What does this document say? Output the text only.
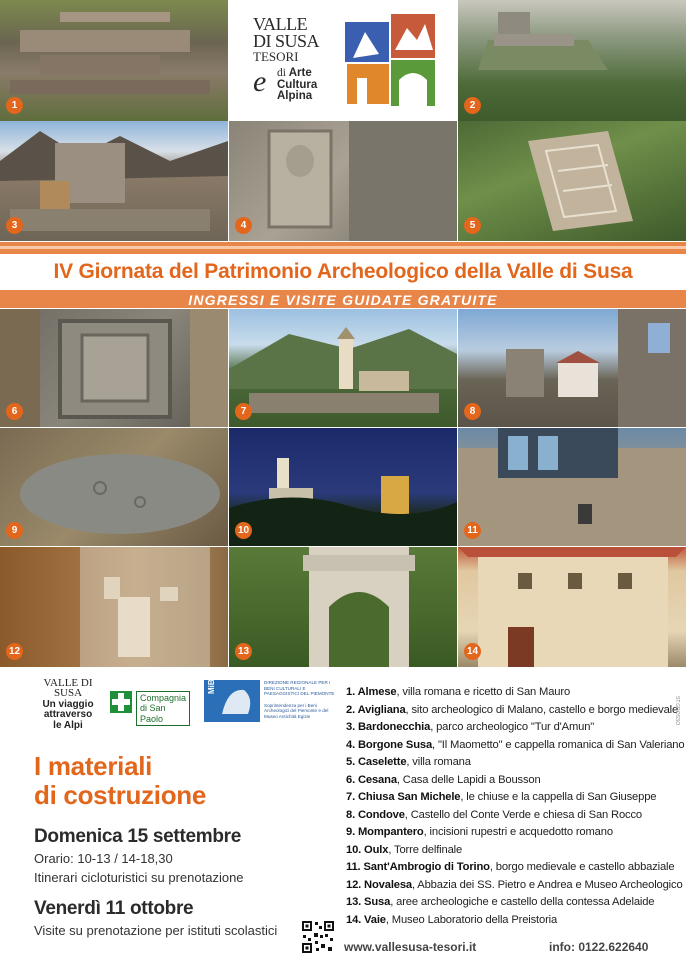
1
VALLE
DI SUSA
TESORI
e di Arte
Cultura
Alpina
2
3	4	5
IV Giornata del Patrimonio Archeologico della Valle di Susa
INGRESSI E VISITE GUIDATE GRATUITE
6	7	8
9	10	11
12	13	14
VALLE DI
SUSA
Un viaggio
attraverso
le Alpi
Compagnia
di San Paolo
MiBAC	DIREZIONE REGIONALE PER I BENI CULTURALI E PAESAGGISTICI DEL PIEMONTE
Soprintendenza per i Beni Archeologici del Piemonte e del Museo Antichità Egizie
I materiali
di costruzione
Domenica 15 settembre
Orario: 10-13 / 14-18,30
Itinerari cicloturistici su prenotazione
Venerdì 11 ottobre
Visite su prenotazione per istituti scolastici
1. Almese, villa romana e ricetto di San Mauro
2. Avigliana, sito archeologico di Malano, castello e borgo medievale
3. Bardonecchia, parco archeologico "Tur d'Amun"
4. Borgone Susa, "Il Maometto" e cappella romanica di San Valeriano
5. Caselette, villa romana
6. Cesana, Casa delle Lapidi a Bousson
7. Chiusa San Michele, le chiuse e la cappella di San Giuseppe
8. Condove, Castello del Conte Verde e chiesa di San Rocco
9. Mompantero, incisioni rupestri e acquedotto romano
10. Oulx, Torre delfinale
11. Sant'Ambrogio di Torino, borgo medievale e castello abbaziale
12. Novalesa, Abbazia dei SS. Pietro e Andrea e Museo Archeologico
13. Susa, aree archeologiche e castello della contessa Adelaide
14. Vaie, Museo Laboratorio della Preistoria
www.vallesusa-tesori.it	info: 0122.622640
ST.GROSSO
